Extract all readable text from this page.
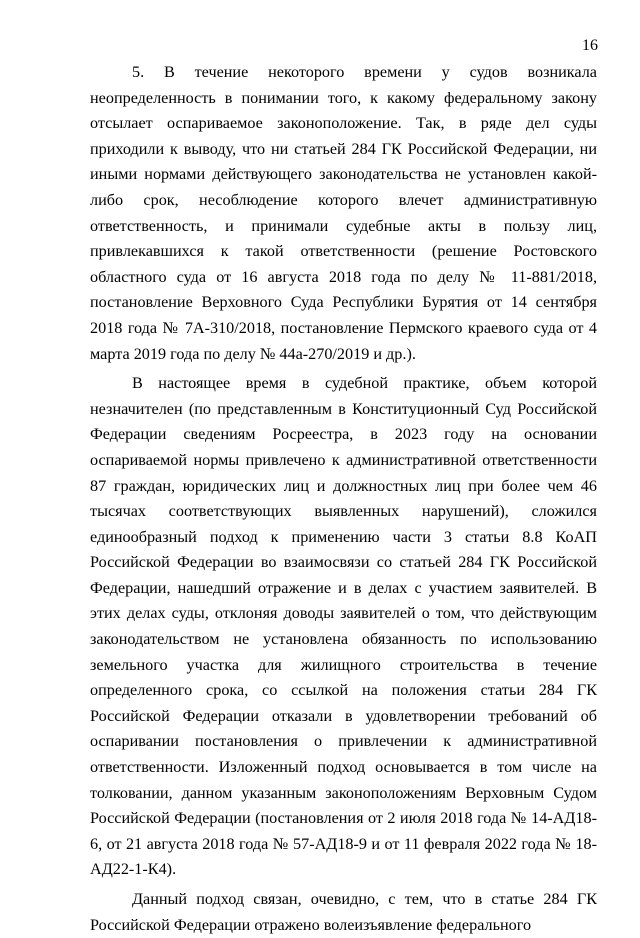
16

5. В течение некоторого времени у судов возникала неопределенность в понимании того, к какому федеральному закону отсылает оспариваемое законоположение. Так, в ряде дел суды приходили к выводу, что ни статьей 284 ГК Российской Федерации, ни иными нормами действующего законодательства не установлен какой-либо срок, несоблюдение которого влечет административную ответственность, и принимали судебные акты в пользу лиц, привлекавшихся к такой ответственности (решение Ростовского областного суда от 16 августа 2018 года по делу № 11-881/2018, постановление Верховного Суда Республики Бурятия от 14 сентября 2018 года № 7А-310/2018, постановление Пермского краевого суда от 4 марта 2019 года по делу № 44а-270/2019 и др.).

В настоящее время в судебной практике, объем которой незначителен (по представленным в Конституционный Суд Российской Федерации сведениям Росреестра, в 2023 году на основании оспариваемой нормы привлечено к административной ответственности 87 граждан, юридических лиц и должностных лиц при более чем 46 тысячах соответствующих выявленных нарушений), сложился единообразный подход к применению части 3 статьи 8.8 КоАП Российской Федерации во взаимосвязи со статьей 284 ГК Российской Федерации, нашедший отражение и в делах с участием заявителей. В этих делах суды, отклоняя доводы заявителей о том, что действующим законодательством не установлена обязанность по использованию земельного участка для жилищного строительства в течение определенного срока, со ссылкой на положения статьи 284 ГК Российской Федерации отказали в удовлетворении требований об оспаривании постановления о привлечении к административной ответственности. Изложенный подход основывается в том числе на толковании, данном указанным законоположениям Верховным Судом Российской Федерации (постановления от 2 июля 2018 года № 14-АД18-6, от 21 августа 2018 года № 57-АД18-9 и от 11 февраля 2022 года № 18-АД22-1-К4).

Данный подход связан, очевидно, с тем, что в статье 284 ГК Российской Федерации отражено волеизъявление федерального
